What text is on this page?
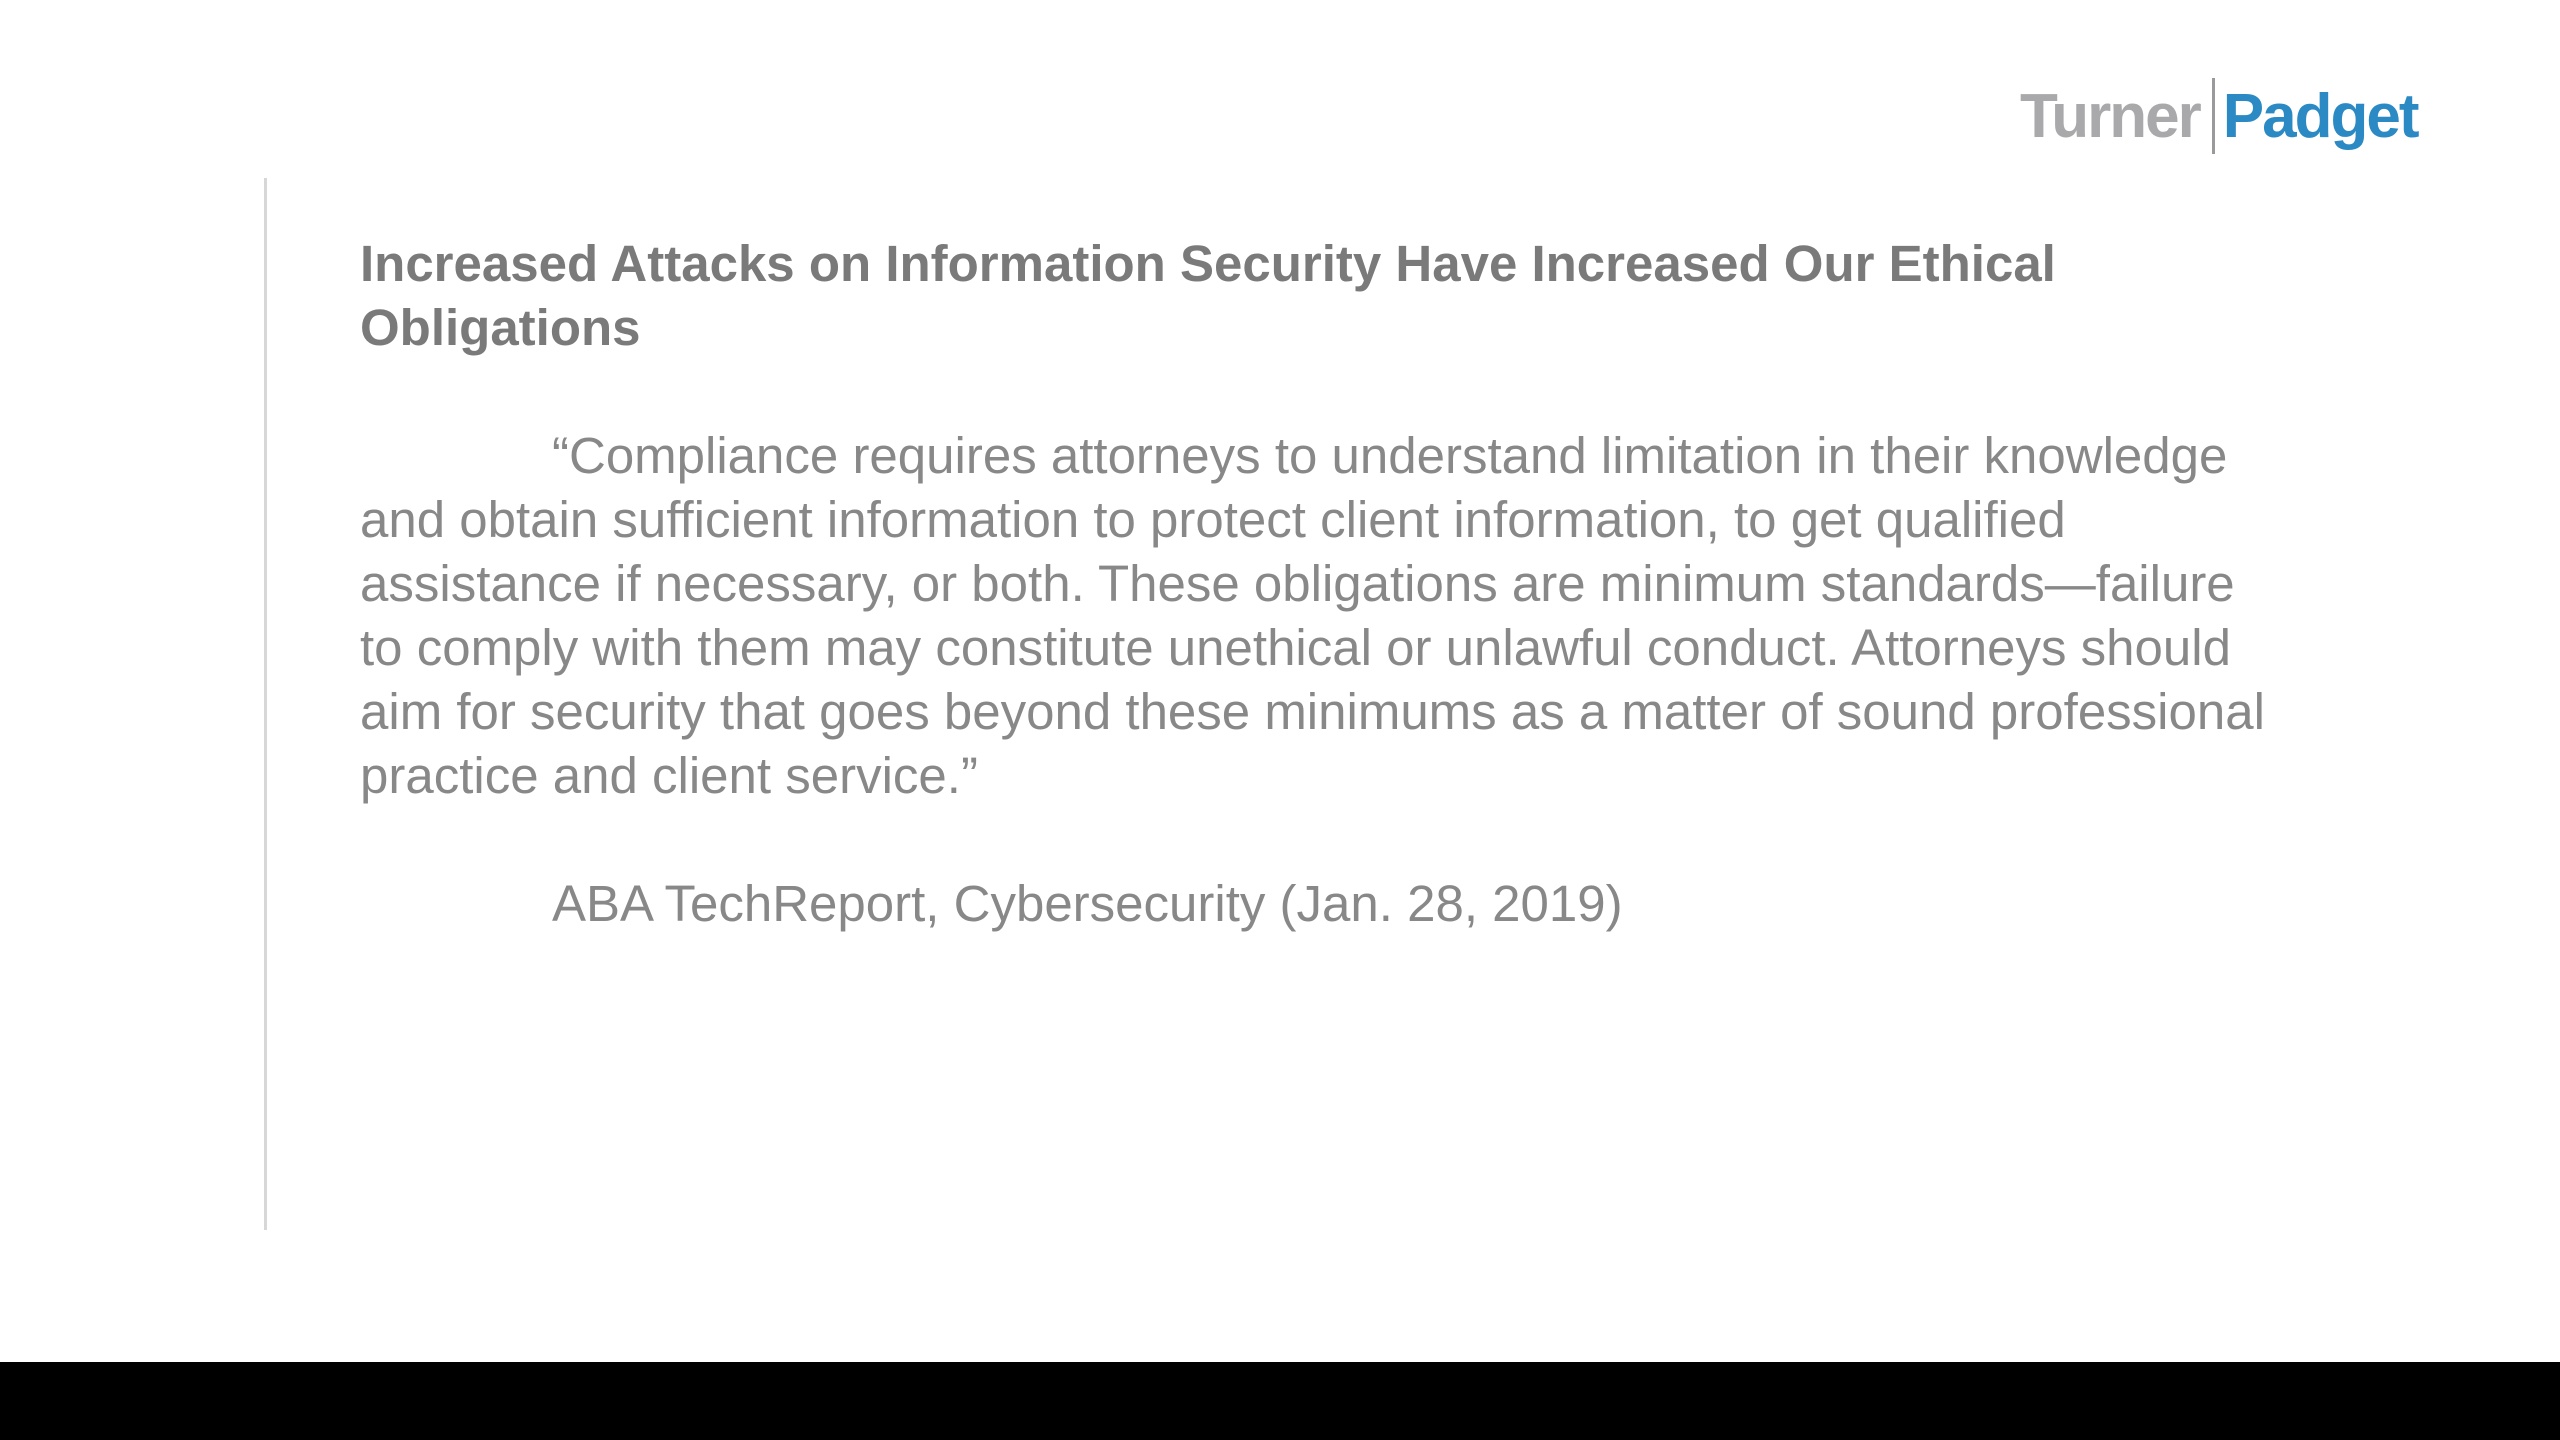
Turner Padget

Increased Attacks on Information Security Have Increased Our Ethical Obligations

“Compliance requires attorneys to understand limitation in their knowledge and obtain sufficient information to protect client information, to get qualified assistance if necessary, or both. These obligations are minimum standards—failure to comply with them may constitute unethical or unlawful conduct. Attorneys should aim for security that goes beyond these minimums as a matter of sound professional practice and client service.”

ABA TechReport, Cybersecurity (Jan. 28, 2019)
